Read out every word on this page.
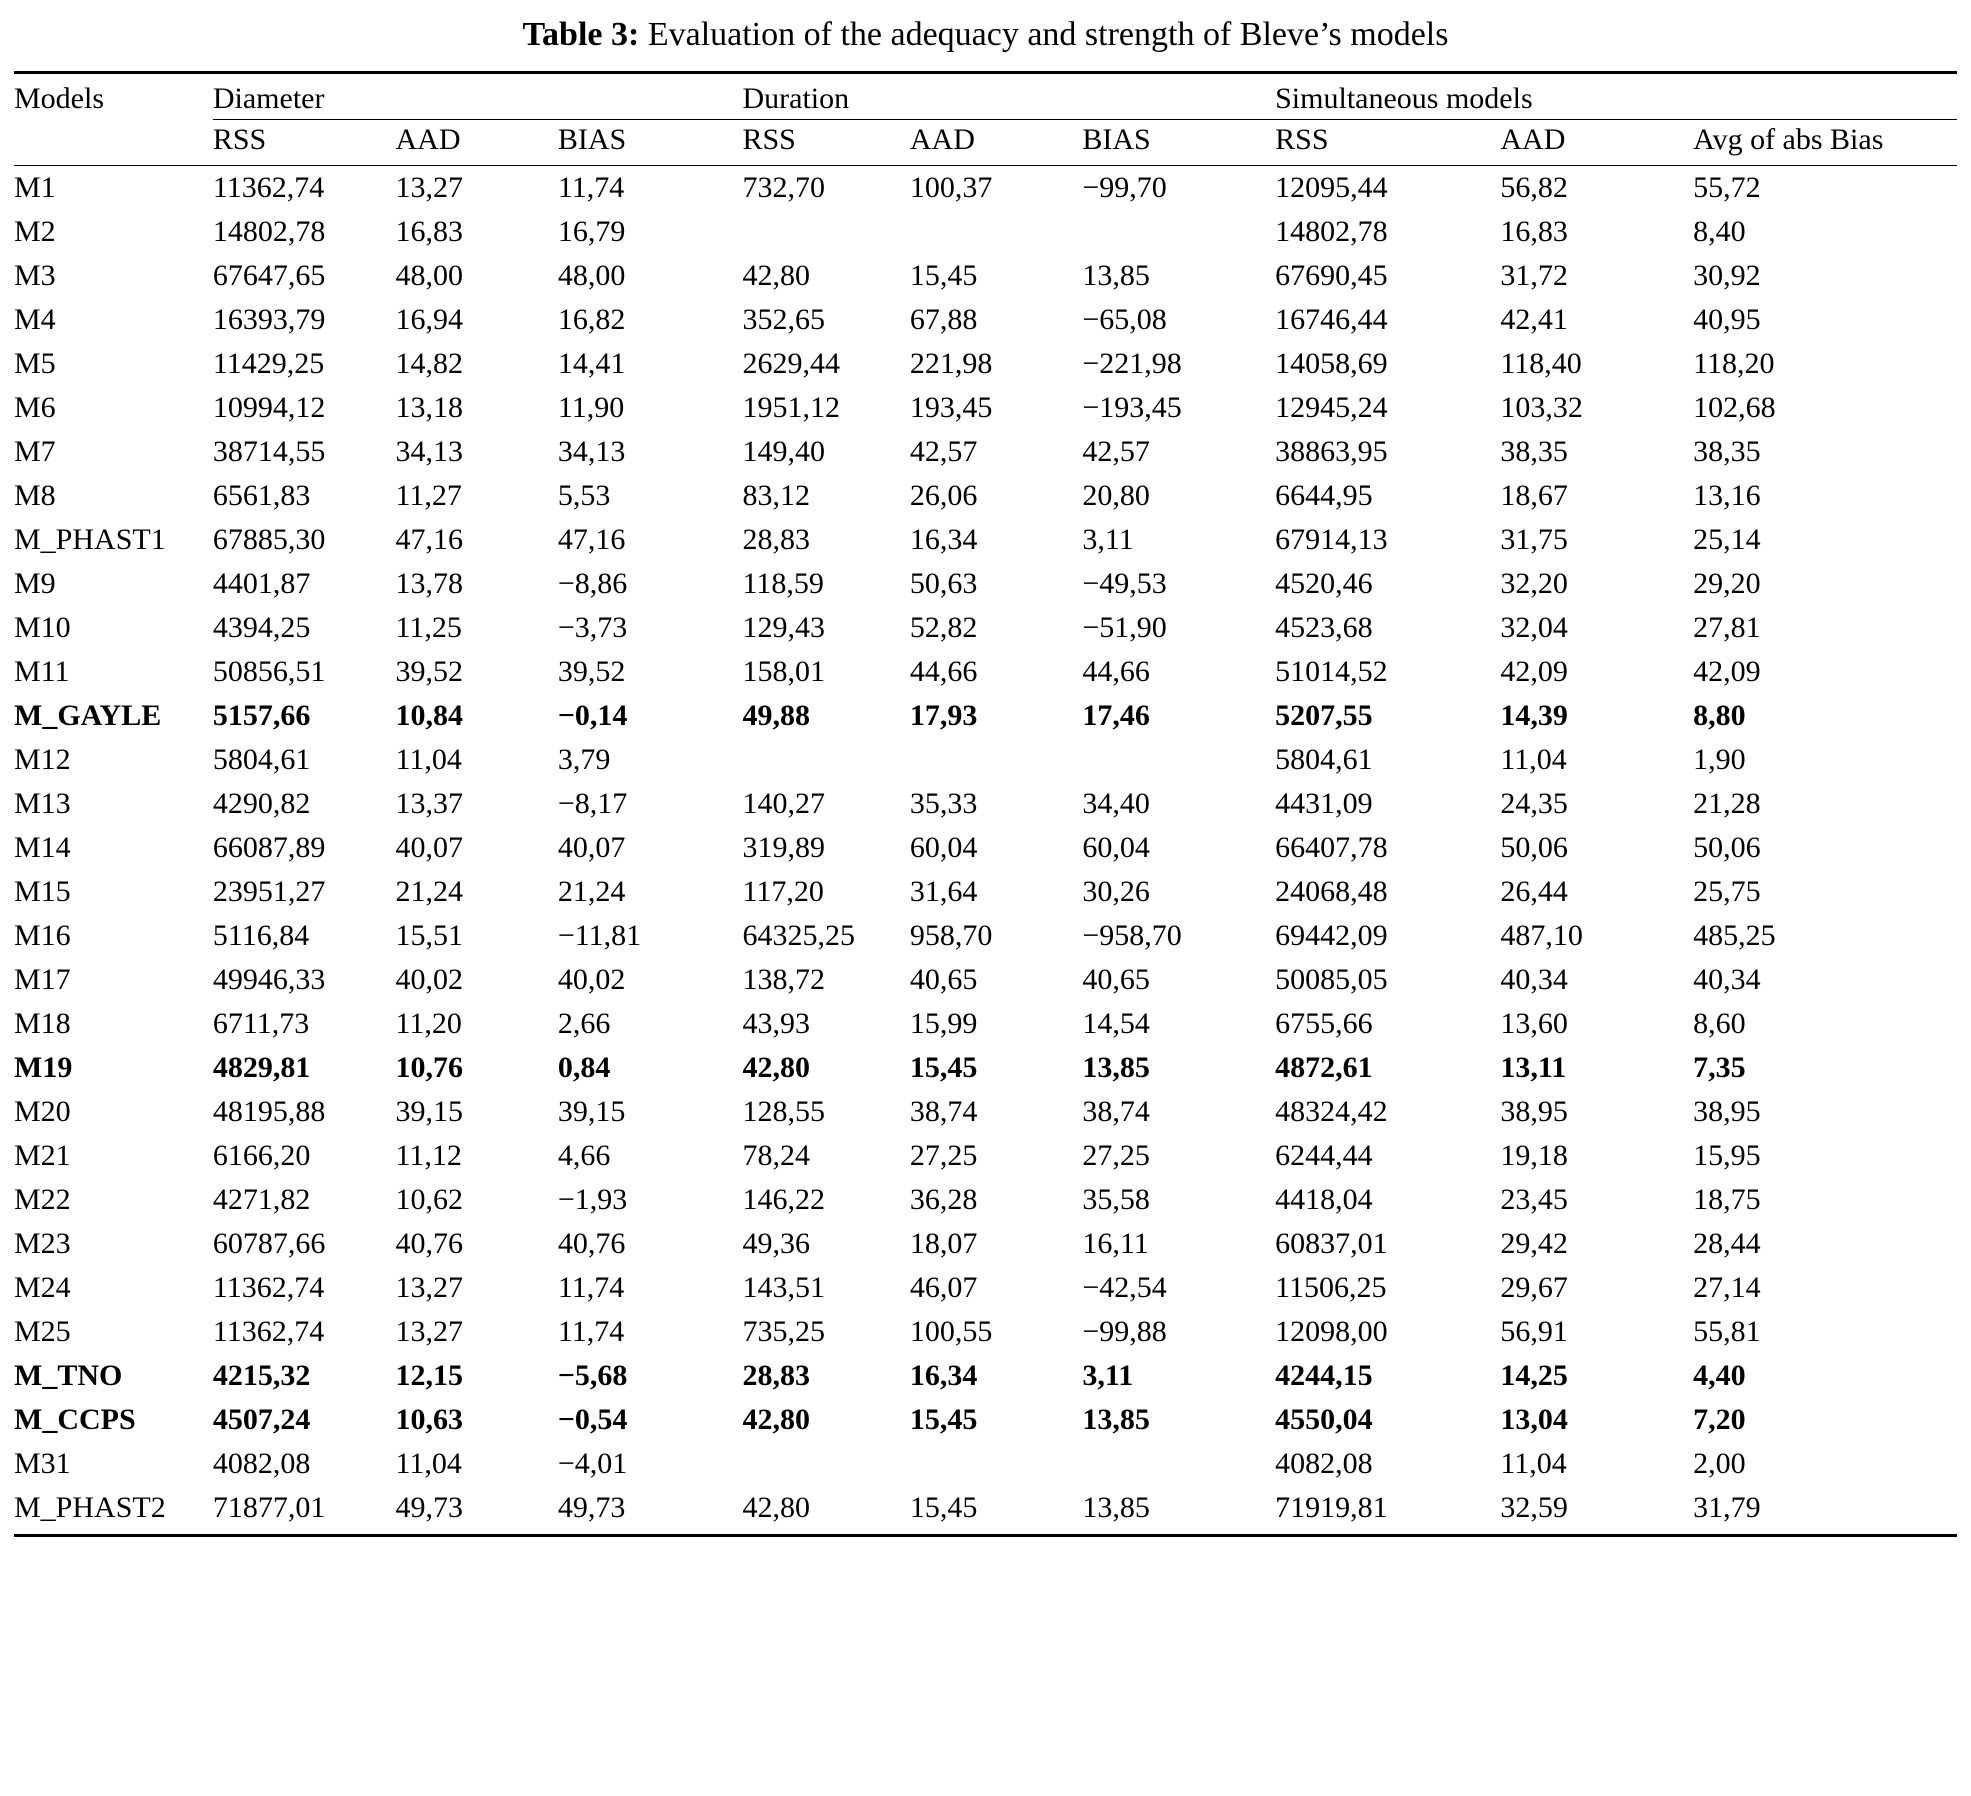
Table 3: Evaluation of the adequacy and strength of Bleve’s models

Models	Diameter			Duration			Simultaneous models		

	RSS	AAD	BIAS	RSS	AAD	BIAS	RSS	AAD	Avg of abs Bias

M1	11362,74	13,27	11,74	732,70	100,37	−99,70	12095,44	56,82	55,72
M2	14802,78	16,83	16,79				14802,78	16,83	8,40
M3	67647,65	48,00	48,00	42,80	15,45	13,85	67690,45	31,72	30,92
M4	16393,79	16,94	16,82	352,65	67,88	−65,08	16746,44	42,41	40,95
M5	11429,25	14,82	14,41	2629,44	221,98	−221,98	14058,69	118,40	118,20
M6	10994,12	13,18	11,90	1951,12	193,45	−193,45	12945,24	103,32	102,68
M7	38714,55	34,13	34,13	149,40	42,57	42,57	38863,95	38,35	38,35
M8	6561,83	11,27	5,53	83,12	26,06	20,80	6644,95	18,67	13,16
M_PHAST1	67885,30	47,16	47,16	28,83	16,34	3,11	67914,13	31,75	25,14
M9	4401,87	13,78	−8,86	118,59	50,63	−49,53	4520,46	32,20	29,20
M10	4394,25	11,25	−3,73	129,43	52,82	−51,90	4523,68	32,04	27,81
M11	50856,51	39,52	39,52	158,01	44,66	44,66	51014,52	42,09	42,09
M_GAYLE	5157,66	10,84	−0,14	49,88	17,93	17,46	5207,55	14,39	8,80
M12	5804,61	11,04	3,79				5804,61	11,04	1,90
M13	4290,82	13,37	−8,17	140,27	35,33	34,40	4431,09	24,35	21,28
M14	66087,89	40,07	40,07	319,89	60,04	60,04	66407,78	50,06	50,06
M15	23951,27	21,24	21,24	117,20	31,64	30,26	24068,48	26,44	25,75
M16	5116,84	15,51	−11,81	64325,25	958,70	−958,70	69442,09	487,10	485,25
M17	49946,33	40,02	40,02	138,72	40,65	40,65	50085,05	40,34	40,34
M18	6711,73	11,20	2,66	43,93	15,99	14,54	6755,66	13,60	8,60
M19	4829,81	10,76	0,84	42,80	15,45	13,85	4872,61	13,11	7,35
M20	48195,88	39,15	39,15	128,55	38,74	38,74	48324,42	38,95	38,95
M21	6166,20	11,12	4,66	78,24	27,25	27,25	6244,44	19,18	15,95
M22	4271,82	10,62	−1,93	146,22	36,28	35,58	4418,04	23,45	18,75
M23	60787,66	40,76	40,76	49,36	18,07	16,11	60837,01	29,42	28,44
M24	11362,74	13,27	11,74	143,51	46,07	−42,54	11506,25	29,67	27,14
M25	11362,74	13,27	11,74	735,25	100,55	−99,88	12098,00	56,91	55,81
M_TNO	4215,32	12,15	−5,68	28,83	16,34	3,11	4244,15	14,25	4,40
M_CCPS	4507,24	10,63	−0,54	42,80	15,45	13,85	4550,04	13,04	7,20
M31	4082,08	11,04	−4,01				4082,08	11,04	2,00
M_PHAST2	71877,01	49,73	49,73	42,80	15,45	13,85	71919,81	32,59	31,79
